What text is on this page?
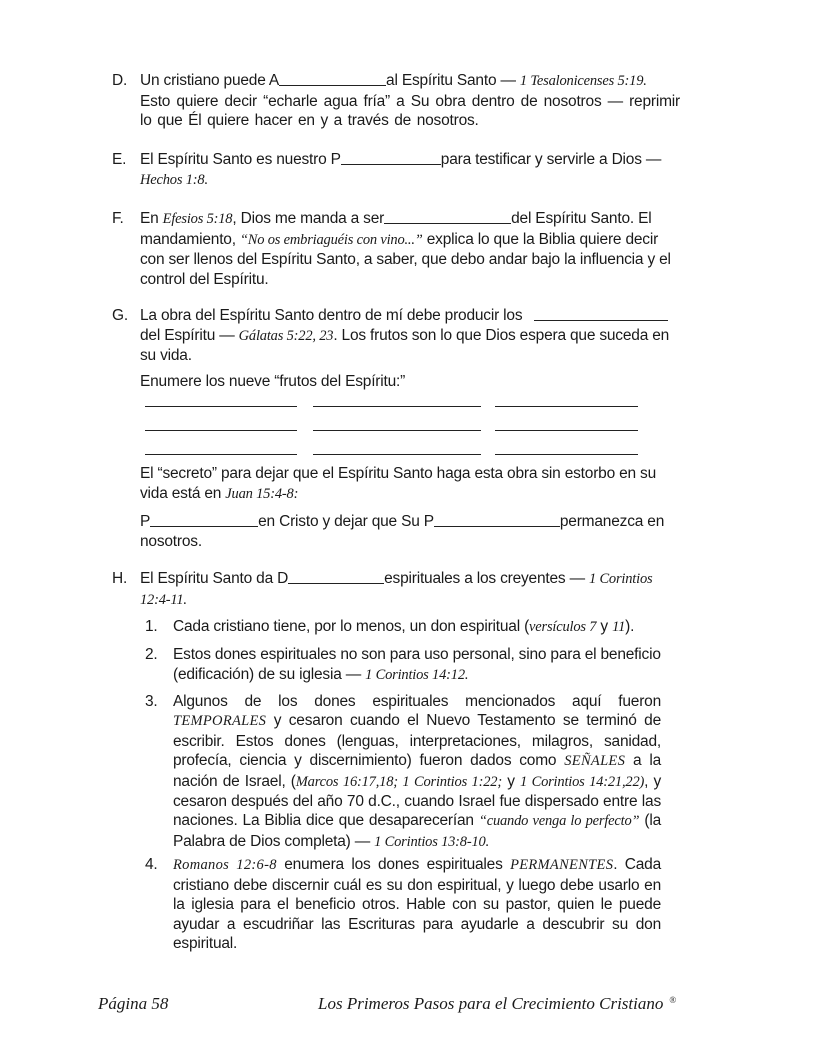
D. Un cristiano puede A	al Espíritu Santo — 1 Tesalonicenses 5:19.

Esto quiere decir “echarle agua fría” a Su obra dentro de nosotros — reprimir lo que Él quiere hacer en y a través de nosotros.

E. El Espíritu Santo es nuestro P	para testificar y servirle a Dios — Hechos 1:8.

F.	En Efesios 5:18, Dios me manda a ser	del Espíritu Santo. El mandamiento, “No os embriaguéis con vino...” explica lo que la Biblia quiere decir con ser llenos del Espíritu Santo, a saber, que debo andar bajo la influencia y el control del Espíritu.

G. La obra del Espíritu Santo dentro de mí debe producir los  del Espíritu — Gálatas 5:22, 23. Los frutos son lo que Dios espera que suceda en su vida.

Enumere los nueve “frutos del Espíritu:”

El “secreto” para dejar que el Espíritu Santo haga esta obra sin estorbo en su vida está en Juan 15:4-8:

P	en Cristo y dejar que Su P	permanezca en nosotros.

H. El Espíritu Santo da D	espirituales a los creyentes — 1 Corintios 12:4-11.

1. Cada cristiano tiene, por lo menos, un don espiritual (versículos 7 y 11).
2. Estos dones espirituales no son para uso personal, sino para el beneficio (edificación) de su iglesia — 1 Corintios 14:12.
3. Algunos de los dones espirituales mencionados aquí fueron TEMPORALES y cesaron cuando el Nuevo Testamento se terminó de escribir. Estos dones (lenguas, interpretaciones, milagros, sanidad, profecía, ciencia y discernimiento) fueron dados como SEÑALES a la nación de Israel, (Marcos 16:17,18; 1 Corintios 1:22; y 1 Corintios 14:21,22), y cesaron después del año 70 d.C., cuando Israel fue dispersado entre las naciones. La Biblia dice que desaparecerían “cuando venga lo perfecto” (la Palabra de Dios completa) — 1 Corintios 13:8-10.
4. Romanos 12:6-8 enumera los dones espirituales PERMANENTES. Cada cristiano debe discernir cuál es su don espiritual, y luego debe usarlo en la iglesia para el beneficio otros. Hable con su pastor, quien le puede ayudar a escudriñar las Escrituras para ayudarle a descubrir su don espiritual.
Página 58	Los Primeros Pasos para el Crecimiento Cristiano ®
